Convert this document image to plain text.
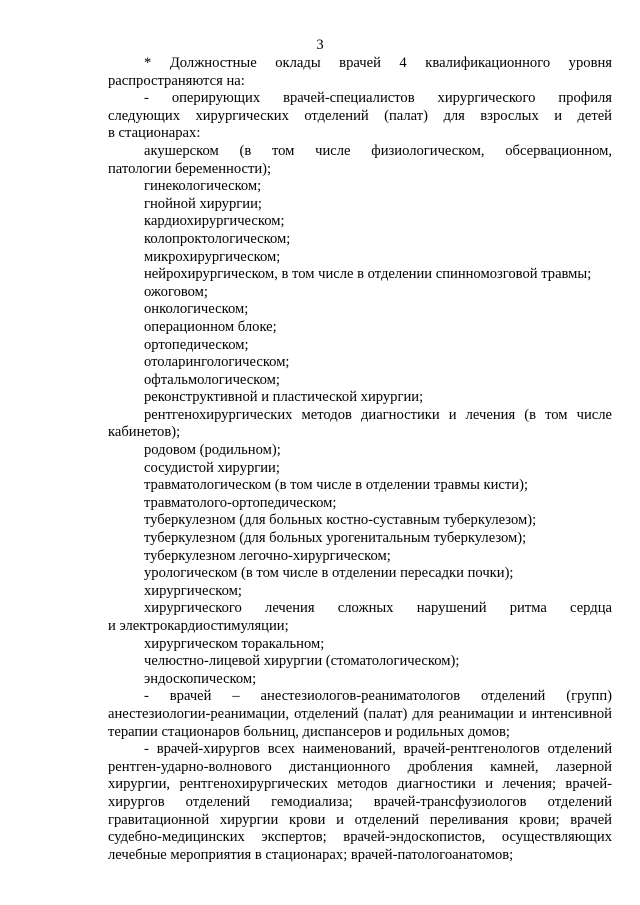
3
* Должностные оклады врачей 4 квалификационного уровня
распространяются на:
- оперирующих врачей-специалистов хирургического профиля
следующих хирургических отделений (палат) для взрослых и детей
в стационарах:
акушерском (в том числе физиологическом, обсервационном,
патологии беременности);
гинекологическом;
гнойной хирургии;
кардиохирургическом;
колопроктологическом;
микрохирургическом;
нейрохирургическом, в том числе в отделении спинномозговой травмы;
ожоговом;
онкологическом;
операционном блоке;
ортопедическом;
отоларингологическом;
офтальмологическом;
реконструктивной и пластической хирургии;
рентгенохирургических методов диагностики и лечения (в том числе
кабинетов);
родовом (родильном);
сосудистой хирургии;
травматологическом (в том числе в отделении травмы кисти);
травматолого-ортопедическом;
туберкулезном (для больных костно-суставным туберкулезом);
туберкулезном (для больных урогенитальным туберкулезом);
туберкулезном легочно-хирургическом;
урологическом (в том числе в отделении пересадки почки);
хирургическом;
хирургического лечения сложных нарушений ритма сердца
и электрокардиостимуляции;
хирургическом торакальном;
челюстно-лицевой хирургии (стоматологическом);
эндоскопическом;
- врачей – анестезиологов-реаниматологов отделений (групп)
анестезиологии-реанимации, отделений (палат) для реанимации и интенсивной
терапии стационаров больниц, диспансеров и родильных домов;
- врачей-хирургов всех наименований, врачей-рентгенологов отделений
рентген-ударно-волнового дистанционного дробления камней, лазерной
хирургии, рентгенохирургических методов диагностики и лечения; врачей-
хирургов отделений гемодиализа; врачей-трансфузиологов отделений
гравитационной хирургии крови и отделений переливания крови; врачей
судебно-медицинских экспертов; врачей-эндоскопистов, осуществляющих
лечебные мероприятия в стационарах; врачей-патологоанатомов;
